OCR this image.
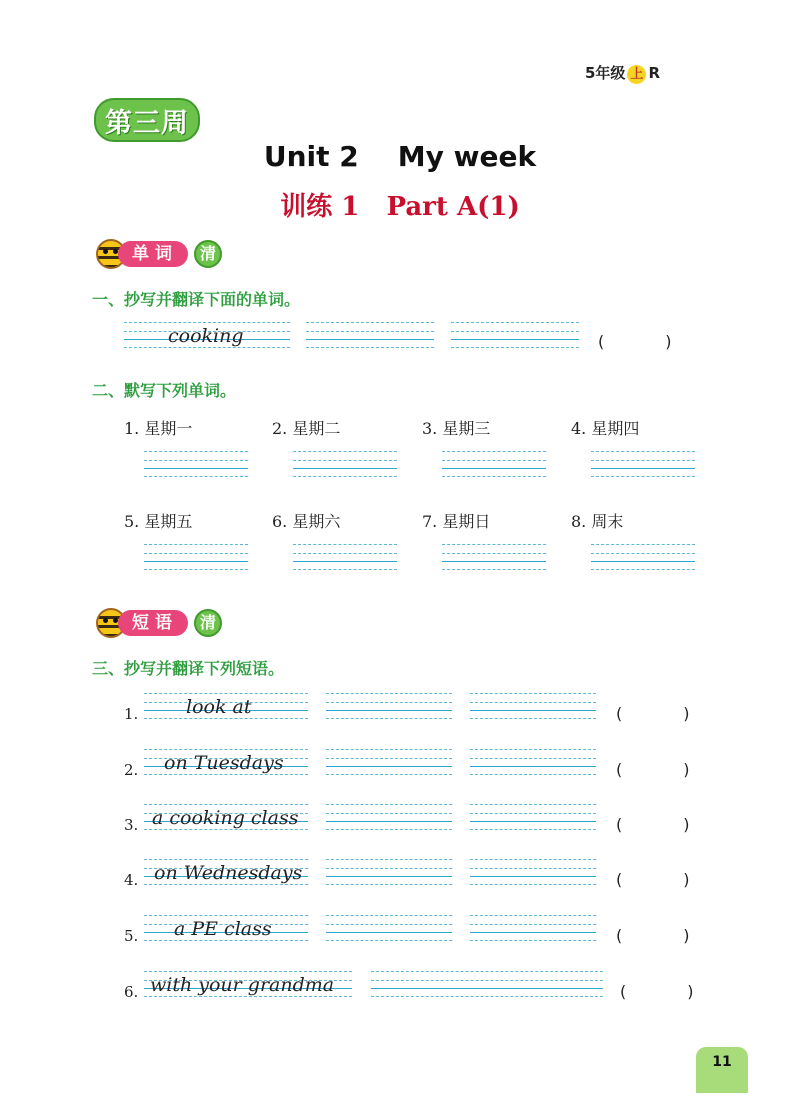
5年级 上 R
第三周
Unit 2    My week
训练 1   Part A(1)
单词	清
一、抄写并翻译下面的单词。
cooking	(            )
二、默写下列单词。
1. 星期一	2. 星期二	3. 星期三	4. 星期四
5. 星期五	6. 星期六	7. 星期日	8. 周末
短语	清
三、抄写并翻译下列短语。
1.	look at	(            )
2. on Tuesdays	(            )
3. a cooking class	(            )
4. on Wednesdays	(            )
5. a PE class	(            )
6. with your grandma	(            )
11
